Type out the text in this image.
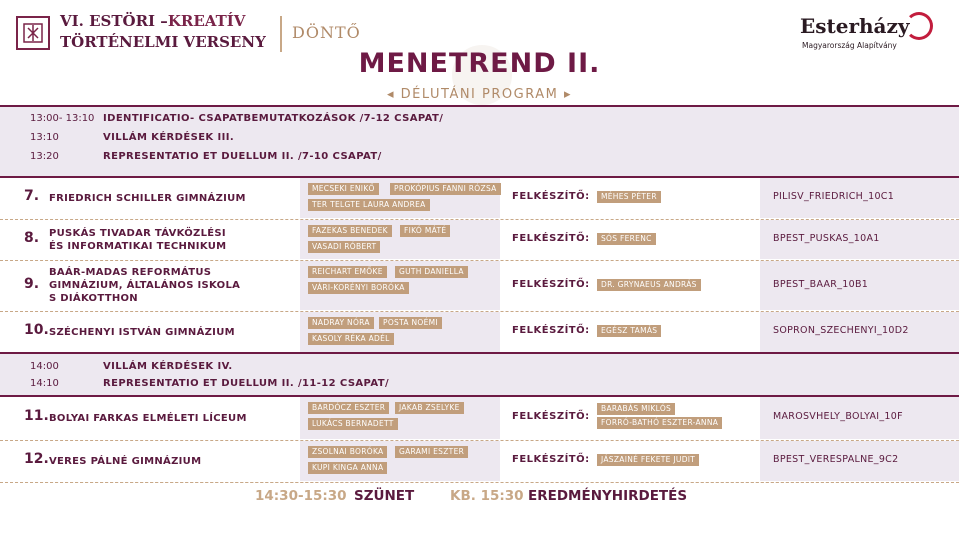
VI. ESTÖRI –KREATÍV
TÖRTÉNELMI VERSENY DÖNTŐ	Esterházy
Magyarország Alapítvány
MENETREND II.
◂ DÉLUTÁNI PROGRAM ▸
13:00- 13:10 IDENTIFICATIO- CSAPATBEMUTATKOZÁSOK /7-12 CSAPAT/
13:10	VILLÁM KÉRDÉSEK III.
13:20	REPRESENTATIO ET DUELLUM II. /7-10 CSAPAT/
7. FRIEDRICH SCHILLER GIMNÁZIUM
MECSEKI ENIKŐ	PROKÓPIUS FANNI RÓZSA
TER TELGTE LAURA ANDREA
FELKÉSZÍTŐ:	MÉHES PÉTER	PILISV_FRIEDRICH_10C1
8. PUSKÁS TIVADAR TÁVKÖZLÉSI
ÉS INFORMATIKAI TECHNIKUM
FAZEKAS BENEDEK	FIKÓ MÁTÉ
VASADI RÓBERT
FELKÉSZÍTŐ:	SÓS FERENC	BPEST_PUSKAS_10A1
9.
BAÁR-MADAS REFORMÁTUS
GIMNÁZIUM, ÁLTALÁNOS ISKOLA
S DIÁKOTTHON
REICHART EMŐKE	GUTH DANIELLA
VÁRI-KORÉNYI BORÓKA	FELKÉSZÍTŐ:	DR. GRYNAEUS ANDRÁS	BPEST_BAAR_10B1
10. SZÉCHENYI ISTVÁN GIMNÁZIUM
NADRAY NÓRA	POSTA NOÉMI
KASOLY RÉKA ADÉL
FELKÉSZÍTŐ:	EGÉSZ TAMÁS	SOPRON_SZECHENYI_10D2
14:00	VILLÁM KÉRDÉSEK IV.
14:10	REPRESENTATIO ET DUELLUM II. /11-12 CSAPAT/
11. BOLYAI FARKAS ELMÉLETI LÍCEUM
BARDÓCZ ESZTER	JAKAB ZSELYKE
LUKÁCS BERNADETT
FELKÉSZÍTŐ:
BARABÁS MIKLÓS
FORRÓ-BATHÓ ESZTER-ANNA
MAROSVHELY_BOLYAI_10F
12. VERES PÁLNÉ GIMNÁZIUM
ZSOLNAI BORÓKA	GARAMI ESZTER
KUPI KINGA ANNA
FELKÉSZÍTŐ:	JÁSZAINÉ FEKETE JUDIT	BPEST_VERESPALNE_9C2
14:30-15:30 SZÜNET	KB. 15:30 EREDMÉNYHIRDETÉS
